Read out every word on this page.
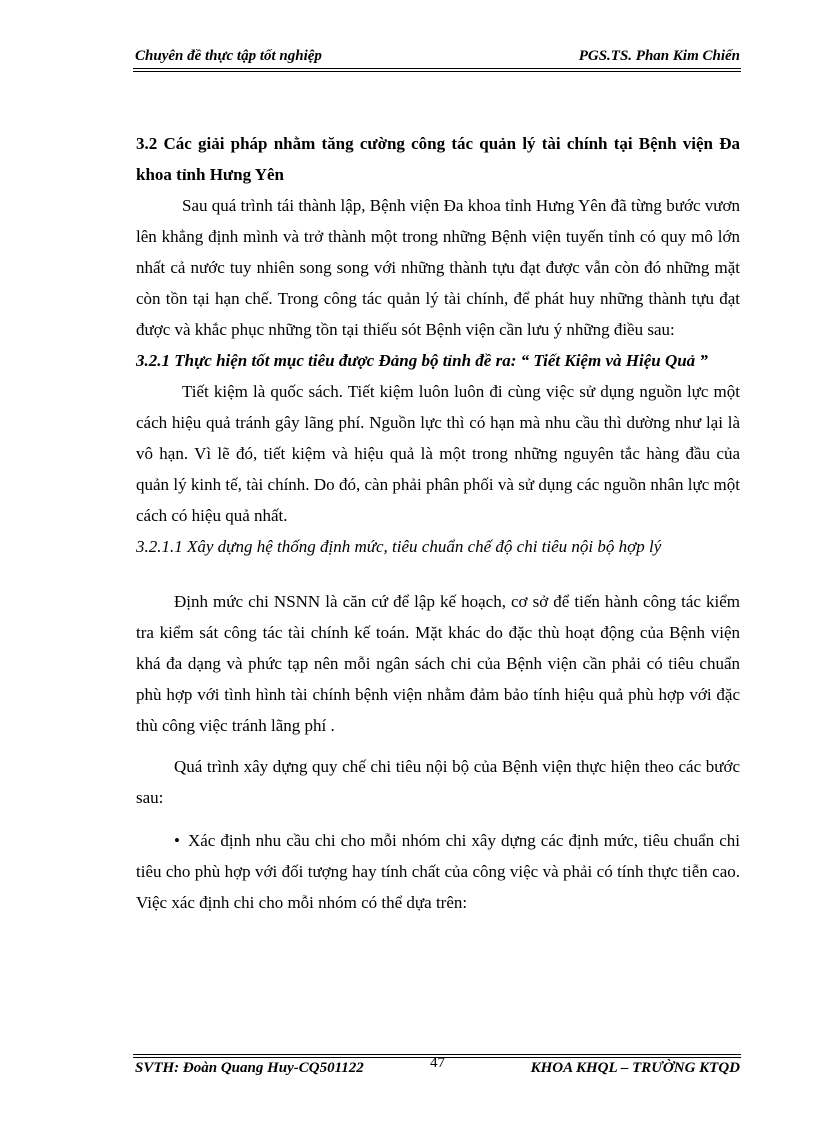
Chuyên đề thực tập tốt nghiệp	PGS.TS. Phan Kim Chiến

3.2 Các giải pháp nhằm tăng cường công tác quản lý tài chính tại Bệnh viện Đa khoa tỉnh Hưng Yên

Sau quá trình tái thành lập, Bệnh viện Đa khoa tỉnh Hưng Yên đã từng bước vươn lên khẳng định mình và trở thành một trong những Bệnh viện tuyến tỉnh có quy mô lớn nhất cả nước tuy nhiên song song với những thành tựu đạt được vẫn còn đó những mặt còn tồn tại hạn chế. Trong công tác quản lý tài chính, để phát huy những thành tựu đạt được và khắc phục những tồn tại thiếu sót Bệnh viện cần lưu ý những điều sau:

3.2.1 Thực hiện tốt mục tiêu được Đảng bộ tỉnh đề ra: “ Tiết Kiệm và Hiệu Quả ”

Tiết kiệm là quốc sách. Tiết kiệm luôn luôn đi cùng việc sử dụng nguồn lực một cách hiệu quả tránh gây lãng phí. Nguồn lực thì có hạn mà nhu cầu thì dường như lại là vô hạn. Vì lẽ đó, tiết kiệm và hiệu quả là một trong những nguyên tắc hàng đầu của quản lý kinh tế, tài chính. Do đó, càn phải phân phối và sử dụng các nguồn nhân lực một cách có hiệu quả nhất.

3.2.1.1 Xây dựng hệ thống định mức, tiêu chuẩn chế độ chi tiêu nội bộ hợp lý

Định mức chi NSNN là căn cứ để lập kế hoạch, cơ sở để tiến hành công tác kiểm tra kiểm sát công tác tài chính kế toán. Mặt khác do đặc thù hoạt động của Bệnh viện khá đa dạng và phức tạp nên mỗi ngân sách chi của Bệnh viện cần phải có tiêu chuẩn phù hợp với tình hình tài chính bệnh viện nhằm đảm bảo tính hiệu quả phù hợp với đặc thù công việc tránh lãng phí .

Quá trình xây dựng quy chế chi tiêu nội bộ của Bệnh viện thực hiện theo các bước sau:

• Xác định nhu cầu chi cho mỗi nhóm chi xây dựng các định mức, tiêu chuẩn chi tiêu cho phù hợp với đối tượng hay tính chất của công việc và phải có tính thực tiễn cao. Việc xác định chi cho mỗi nhóm có thể dựa trên:

SVTH: Đoàn Quang Huy-CQ501122	47	KHOA KHQL – TRƯỜNG KTQD
